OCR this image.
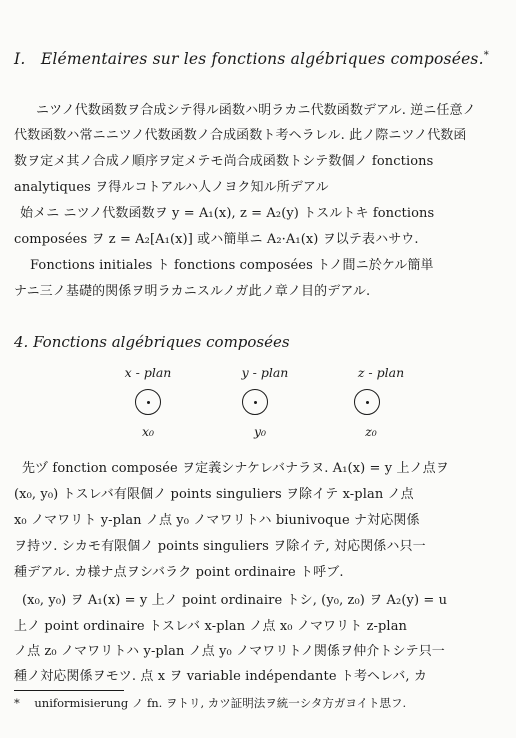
I. Elémentaires sur les fonctions algébriques composées.*
ニツノ代数函数ヲ合成シテ得ル函数ハ明ラカニ代数函数デアル. 逆ニ任意ノ
代数函数ハ常ニニツノ代数函数ノ合成函数ト考ヘラレル. 此ノ際ニツノ代数函
数ヲ定メ其ノ合成ノ順序ヲ定メテモ尚合成函数トシテ数個ノ fonctions
analytiques ヲ得ルコトアルハ人ノヨク知ル所デアル
始メニ ニツノ代数函数ヲ y = A₁(x), z = A₂(y) トスルトキ fonctions
composées ヲ z = A₂[A₁(x)] 或ハ簡単ニ A₂·A₁(x) ヲ以テ表ハサウ.
Fonctions initiales ト fonctions composées トノ間ニ於ケル簡単
ナニ三ノ基礎的関係ヲ明ラカニスルノガ此ノ章ノ目的デアル.
4. Fonctions algébriques composées
x - plan	y - plan	z - plan
x₀	y₀	z₀
先ヅ fonction composée ヲ定義シナケレバナラヌ. A₁(x) = y 上ノ点ヲ
(x₀, y₀) トスレバ有限個ノ points singuliers ヲ除イテ x-plan ノ点
x₀ ノマワリト y-plan ノ点 y₀ ノマワリトハ biunivoque ナ対応関係
ヲ持ツ. シカモ有限個ノ points singuliers ヲ除イテ, 対応関係ハ只一
種デアル. カ様ナ点ヲシバラク point ordinaire ト呼ブ.
(x₀, y₀) ヲ A₁(x) = y 上ノ point ordinaire トシ, (y₀, z₀) ヲ A₂(y) = u
上ノ point ordinaire トスレバ x-plan ノ点 x₀ ノマワリト z-plan
ノ点 z₀ ノマワリトハ y-plan ノ点 y₀ ノマワリトノ関係ヲ仲介トシテ只一
種ノ対応関係ヲモツ. 点 x ヲ variable indépendante ト考ヘレバ, カ
* uniformisierung ノ fn. ヲトリ, カツ証明法ヲ統一シタ方ガヨイト思フ.
